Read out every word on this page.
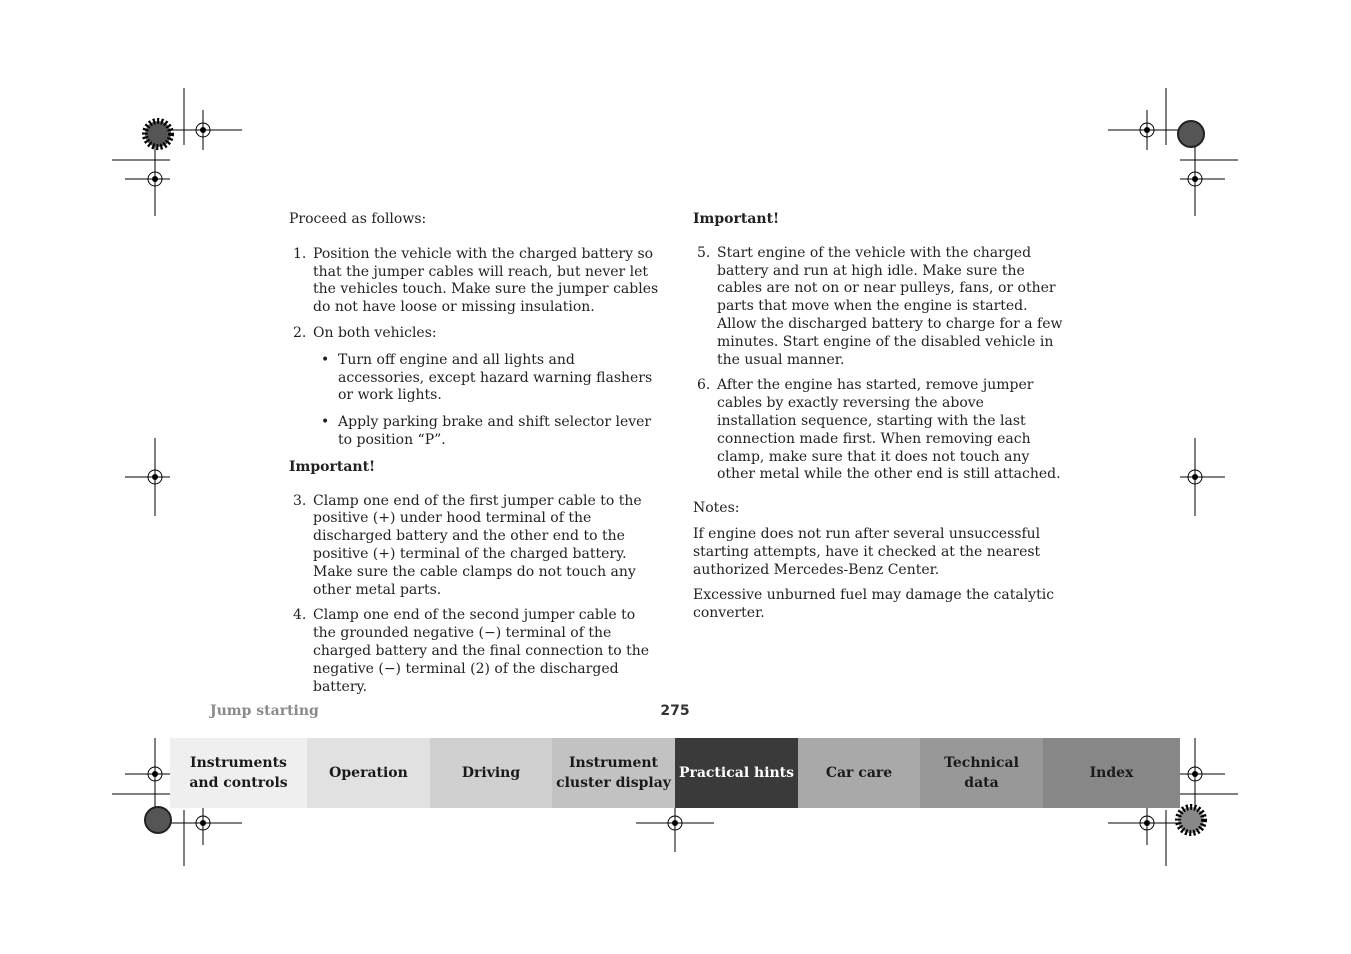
Proceed as follows:

1. Position the vehicle with the charged battery so that the jumper cables will reach, but never let the vehicles touch. Make sure the jumper cables do not have loose or missing insulation.
2. On both vehicles:
• Turn off engine and all lights and accessories, except hazard warning flashers or work lights.
• Apply parking brake and shift selector lever to position “P”.

Important!

3. Clamp one end of the first jumper cable to the positive (+) under hood terminal of the discharged battery and the other end to the positive (+) terminal of the charged battery. Make sure the cable clamps do not touch any other metal parts.
4. Clamp one end of the second jumper cable to the grounded negative (−) terminal of the charged battery and the final connection to the negative (−) terminal (2) of the discharged battery.

Important!

5. Start engine of the vehicle with the charged battery and run at high idle. Make sure the cables are not on or near pulleys, fans, or other parts that move when the engine is started. Allow the discharged battery to charge for a few minutes. Start engine of the disabled vehicle in the usual manner.
6. After the engine has started, remove jumper cables by exactly reversing the above installation sequence, starting with the last connection made first. When removing each clamp, make sure that it does not touch any other metal while the other end is still attached.

Notes:

If engine does not run after several unsuccessful starting attempts, have it checked at the nearest authorized Mercedes-Benz Center.

Excessive unburned fuel may damage the catalytic converter.

Jump starting	275
Instruments
and controls
Operation	Driving
Instrument
cluster display
Practical hints	Car care
Technical
data
Index
